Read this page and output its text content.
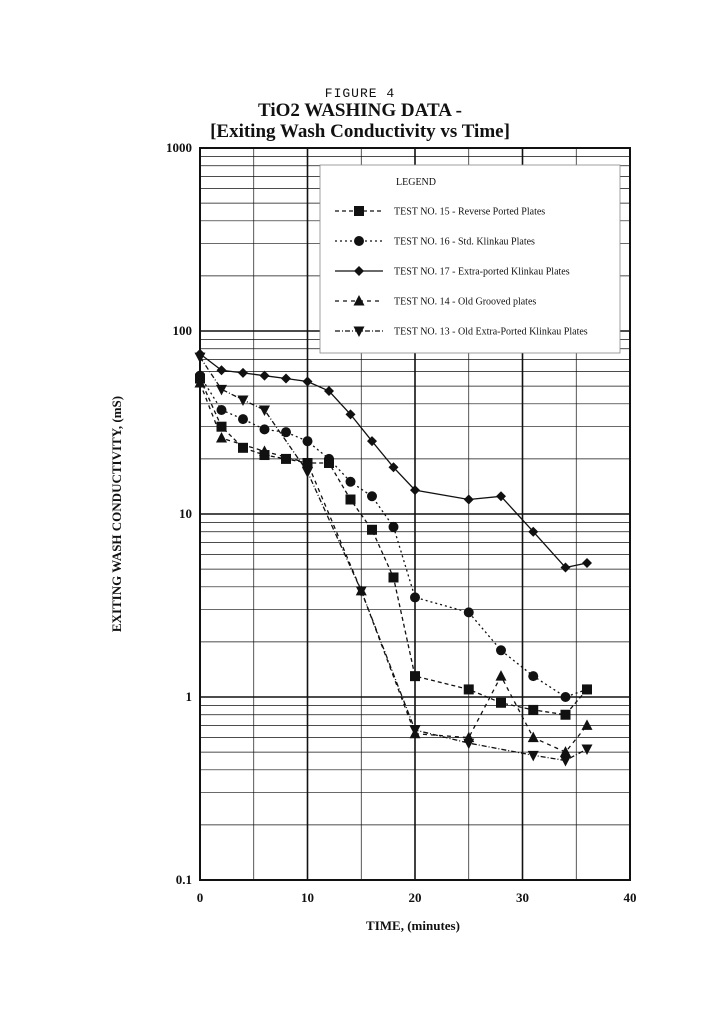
FIGURE 4
TiO2 WASHING DATA -
[Exiting Wash Conductivity vs Time]
0.1
1
10
100
1000
0	10	20	30	40
TIME, (minutes)
EXITING WASH CONDUCTIVITY, (mS)
LEGEND
TEST NO. 15 - Reverse Ported Plates
TEST NO. 16 - Std. Klinkau Plates
TEST NO. 17 - Extra-ported Klinkau Plates
TEST NO. 14 - Old Grooved plates
TEST NO. 13 - Old Extra-Ported Klinkau Plates
